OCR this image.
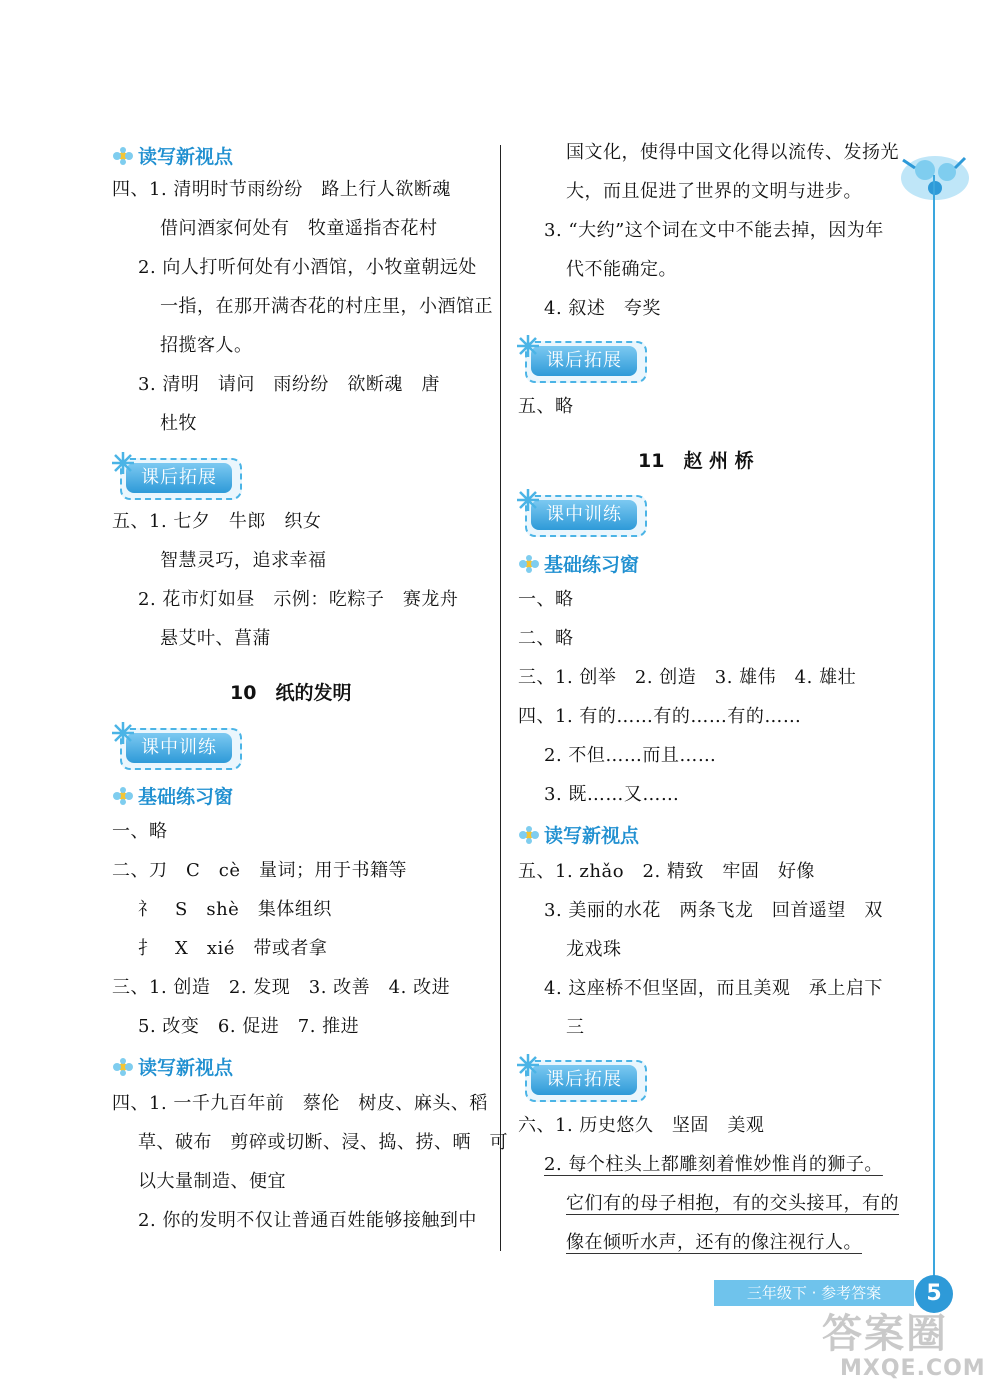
读写新视点
四、1. 清明时节雨纷纷　路上行人欲断魂
借问酒家何处有　牧童遥指杏花村
2. 向人打听何处有小酒馆，小牧童朝远处
一指，在那开满杏花的村庄里，小酒馆正
招揽客人。
3. 清明　请问　雨纷纷　欲断魂　唐
杜牧
课后拓展
五、1. 七夕　牛郎　织女
智慧灵巧，追求幸福
2. 花市灯如昼　示例：吃粽子　赛龙舟
悬艾叶、菖蒲
10　纸的发明
课中训练
基础练习窗
一、略
二、刀　C　cè　量词；用于书籍等
礻　S　shè　集体组织
扌　X　xié　带或者拿
三、1. 创造　2. 发现　3. 改善　4. 改进
5. 改变　6. 促进　7. 推进
读写新视点
四、1. 一千九百年前　蔡伦　树皮、麻头、稻
草、破布　剪碎或切断、浸、捣、捞、晒　可
以大量制造、便宜
2. 你的发明不仅让普通百姓能够接触到中
国文化，使得中国文化得以流传、发扬光
大，而且促进了世界的文明与进步。
3. “大约”这个词在文中不能去掉，因为年
代不能确定。
4. 叙述　夸奖
课后拓展
五、略
11　赵 州 桥
课中训练
基础练习窗
一、略
二、略
三、1. 创举　2. 创造　3. 雄伟　4. 雄壮
四、1. 有的……有的……有的……
2. 不但……而且……
3. 既……又……
读写新视点
五、1. zhǎo　2. 精致　牢固　好像
3. 美丽的水花　两条飞龙　回首遥望　双
龙戏珠
4. 这座桥不但坚固，而且美观　承上启下
三
课后拓展
六、1. 历史悠久　坚固　美观
2. 每个柱头上都雕刻着惟妙惟肖的狮子。
它们有的母子相抱，有的交头接耳，有的
像在倾听水声，还有的像注视行人。
三年级下 · 参考答案	5
答案圈
MXQE.COM
